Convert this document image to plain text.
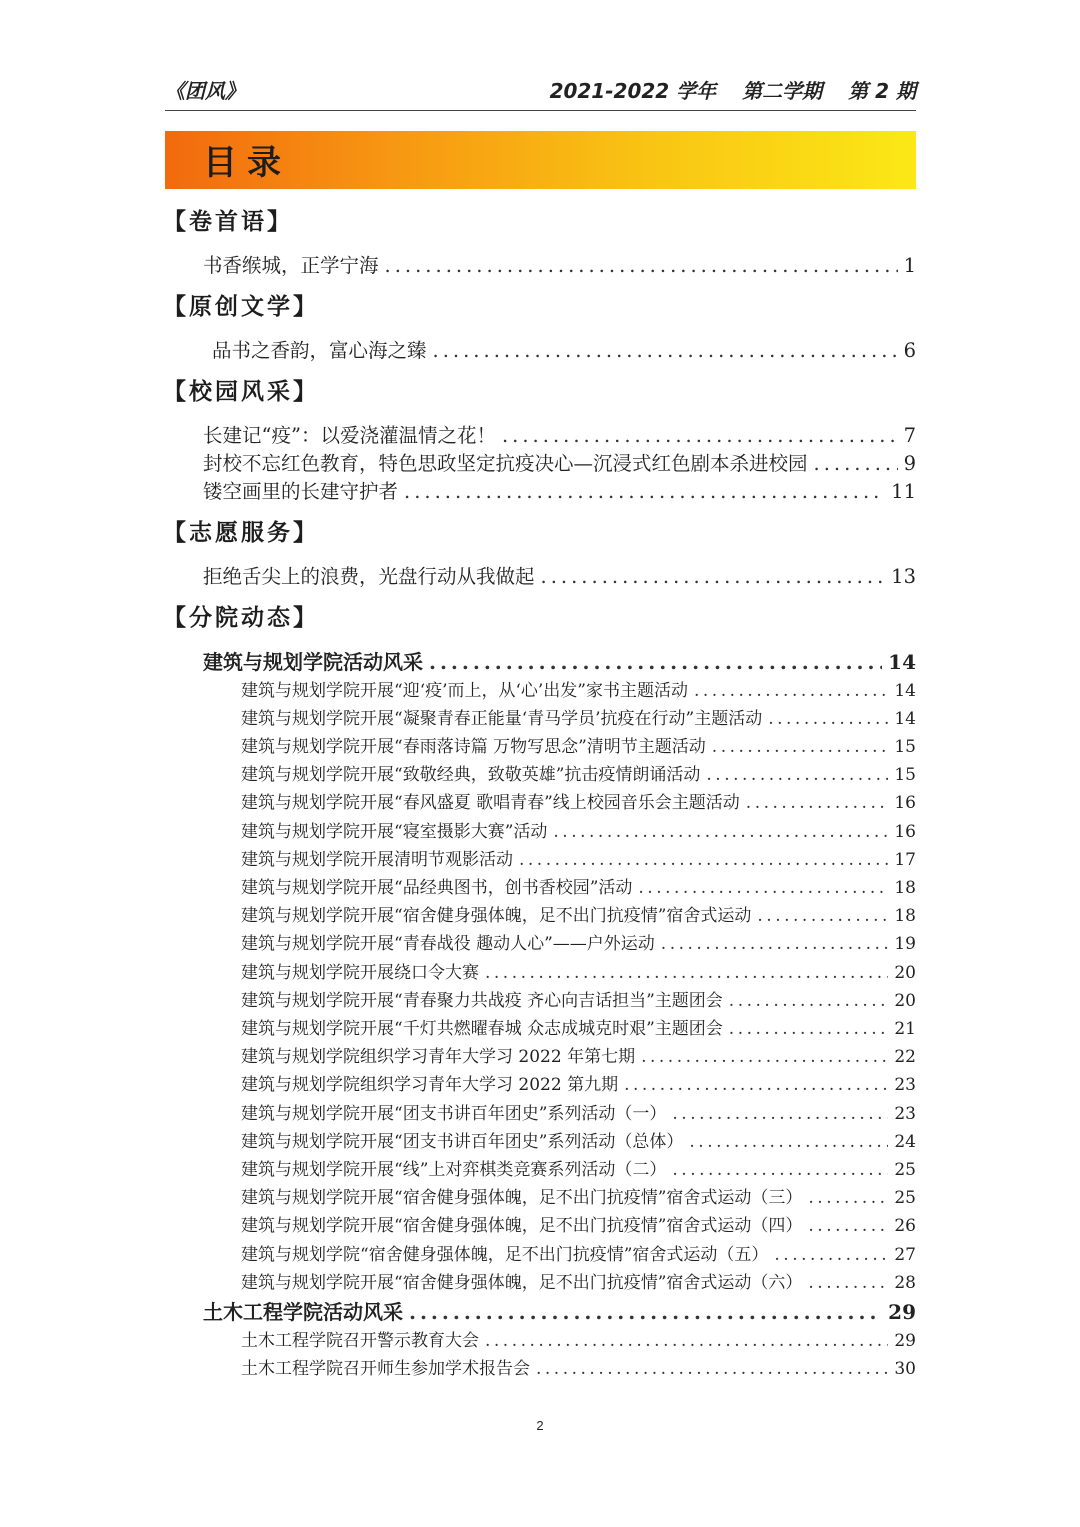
《团风》	2021-2022 学年 第二学期 第 2 期
目录
【卷首语】
书香缑城，正学宁海 .....	1
【原创文学】
品书之香韵，富心海之臻 .....	6
【校园风采】
长建记“疫”：以爱浇灌温情之花！ .....	7
封校不忘红色教育，特色思政坚定抗疫决心—沉浸式红色剧本杀进校园 .....	9
镂空画里的长建守护者 .....	11
【志愿服务】
拒绝舌尖上的浪费，光盘行动从我做起 .....	13
【分院动态】
建筑与规划学院活动风采 .....	14
建筑与规划学院开展“迎‘疫’而上，从‘心’出发”家书主题活动 .....	14
建筑与规划学院开展“凝聚青春正能量‘青马学员’抗疫在行动”主题活动 .....	14
建筑与规划学院开展“春雨落诗篇 万物写思念”清明节主题活动 .....	15
建筑与规划学院开展“致敬经典，致敬英雄”抗击疫情朗诵活动 .....	15
建筑与规划学院开展“春风盛夏 歌唱青春”线上校园音乐会主题活动 .....	16
建筑与规划学院开展“寝室摄影大赛”活动 .....	16
建筑与规划学院开展清明节观影活动 .....	17
建筑与规划学院开展“品经典图书，创书香校园”活动 .....	18
建筑与规划学院开展“宿舍健身强体魄，足不出门抗疫情”宿舍式运动 .....	18
建筑与规划学院开展“青春战役 趣动人心”——户外运动 .....	19
建筑与规划学院开展绕口令大赛 .....	20
建筑与规划学院开展“青春聚力共战疫 齐心向吉话担当”主题团会 .....	20
建筑与规划学院开展“千灯共燃曜春城 众志成城克时艰”主题团会 .....	21
建筑与规划学院组织学习青年大学习 2022 年第七期 .....	22
建筑与规划学院组织学习青年大学习 2022 第九期 .....	23
建筑与规划学院开展“团支书讲百年团史”系列活动（一） .....	23
建筑与规划学院开展“团支书讲百年团史”系列活动（总体） .....	24
建筑与规划学院开展“线”上对弈棋类竞赛系列活动（二） .....	25
建筑与规划学院开展“宿舍健身强体魄，足不出门抗疫情”宿舍式运动（三） .....	25
建筑与规划学院开展“宿舍健身强体魄，足不出门抗疫情”宿舍式运动（四） .....	26
建筑与规划学院“宿舍健身强体魄，足不出门抗疫情”宿舍式运动（五） .....	27
建筑与规划学院开展“宿舍健身强体魄，足不出门抗疫情”宿舍式运动（六） .....	28
土木工程学院活动风采 .....	29
土木工程学院召开警示教育大会 .....	29
土木工程学院召开师生参加学术报告会 .....	30
2
